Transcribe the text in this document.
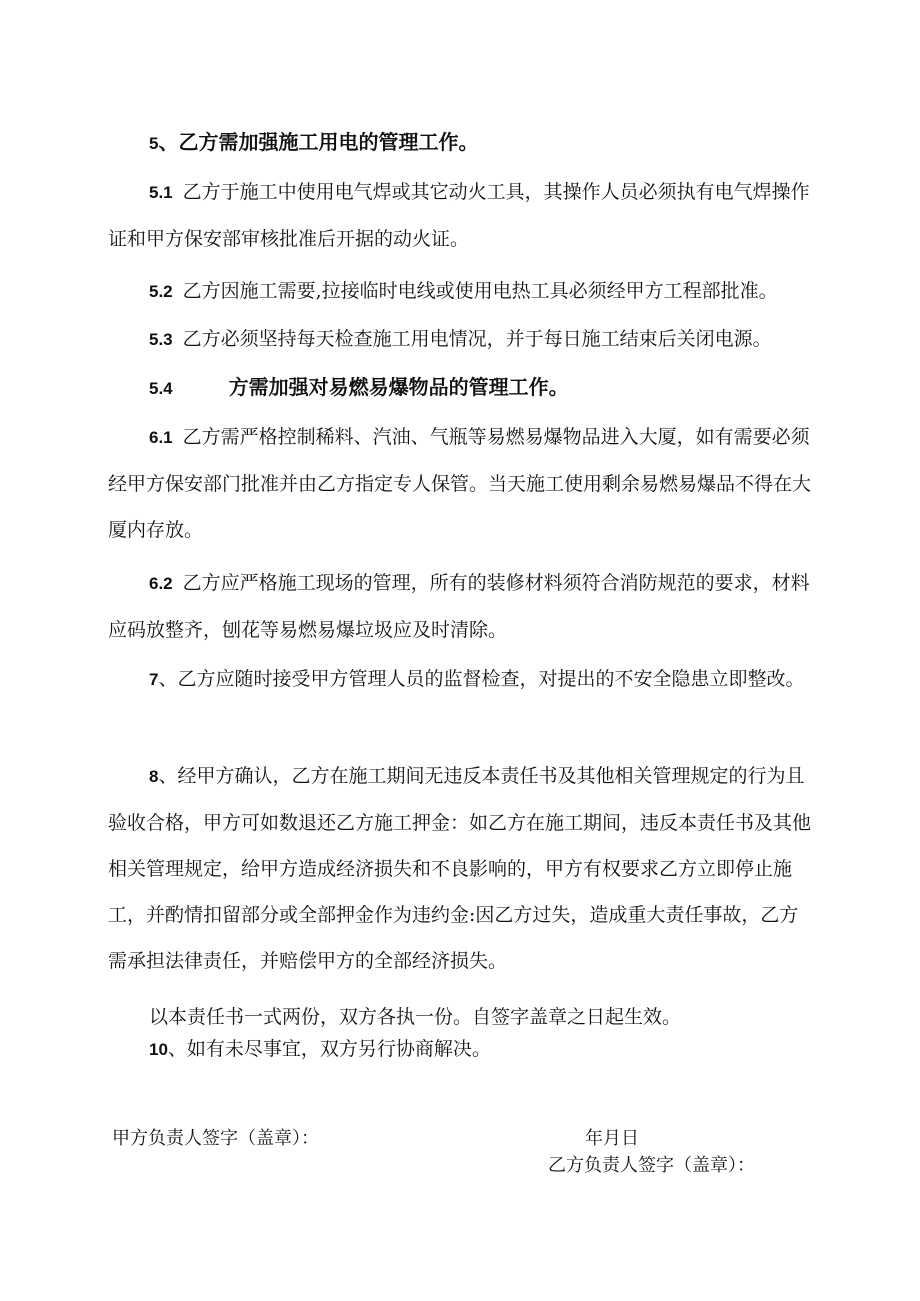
5、乙方需加强施工用电的管理工作。

5.1 乙方于施工中使用电气焊或其它动火工具，其操作人员必须执有电气焊操作证和甲方保安部审核批准后开据的动火证。

5.2 乙方因施工需要,拉接临时电线或使用电热工具必须经甲方工程部批准。

5.3 乙方必须坚持每天检查施工用电情况，并于每日施工结束后关闭电源。

5.4	方需加强对易燃易爆物品的管理工作。

6.1 乙方需严格控制稀料、汽油、气瓶等易燃易爆物品进入大厦，如有需要必须经甲方保安部门批准并由乙方指定专人保管。当天施工使用剩余易燃易爆品不得在大厦内存放。

6.2 乙方应严格施工现场的管理，所有的装修材料须符合消防规范的要求，材料应码放整齐，刨花等易燃易爆垃圾应及时清除。

7、乙方应随时接受甲方管理人员的监督检查，对提出的不安全隐患立即整改。

8、经甲方确认，乙方在施工期间无违反本责任书及其他相关管理规定的行为且验收合格，甲方可如数退还乙方施工押金：如乙方在施工期间，违反本责任书及其他相关管理规定，给甲方造成经济损失和不良影响的，甲方有权要求乙方立即停止施工，并酌情扣留部分或全部押金作为违约金:因乙方过失，造成重大责任事故，乙方需承担法律责任，并赔偿甲方的全部经济损失。

以本责任书一式两份，双方各执一份。自签字盖章之日起生效。

10、如有未尽事宜，双方另行协商解决。

甲方负责人签字（盖章）：	年月日
乙方负责人签字（盖章）：
